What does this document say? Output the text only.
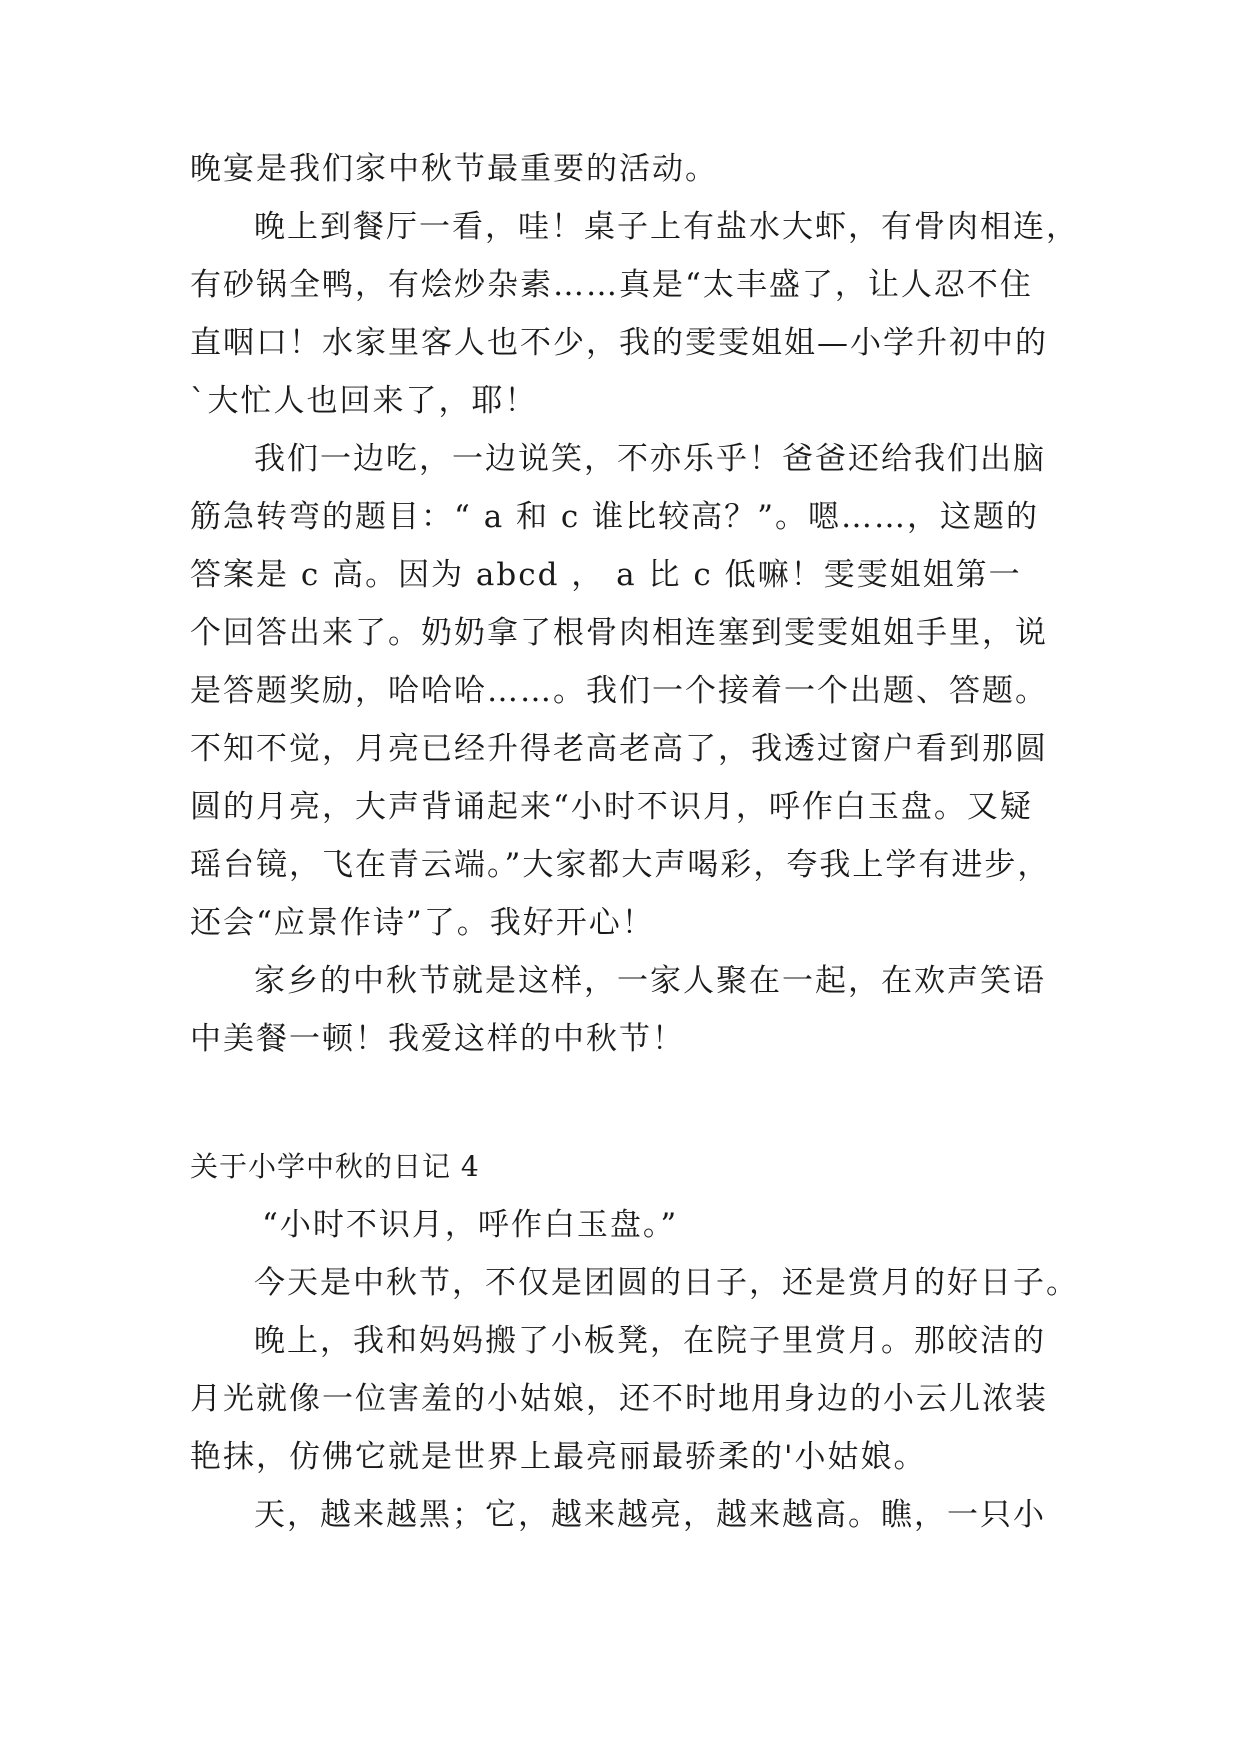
晚宴是我们家中秋节最重要的活动。
晚上到餐厅一看，哇！桌子上有盐水大虾，有骨肉相连，
有砂锅全鸭，有烩炒杂素……真是“太丰盛了，让人忍不住
直咽口！水家里客人也不少，我的雯雯姐姐—小学升初中的
`大忙人也回来了，耶！
我们一边吃，一边说笑，不亦乐乎！爸爸还给我们出脑
筋急转弯的题目：“ a 和 c 谁比较高？”。嗯……，这题的
答案是 c 高。因为 abcd ， a 比 c 低嘛！雯雯姐姐第一
个回答出来了。奶奶拿了根骨肉相连塞到雯雯姐姐手里，说
是答题奖励，哈哈哈……。我们一个接着一个出题、答题。
不知不觉，月亮已经升得老高老高了，我透过窗户看到那圆
圆的月亮，大声背诵起来“小时不识月，呼作白玉盘。又疑
瑶台镜，飞在青云端。”大家都大声喝彩，夸我上学有进步，
还会“应景作诗”了。我好开心！
家乡的中秋节就是这样，一家人聚在一起，在欢声笑语
中美餐一顿！我爱这样的中秋节！
关于小学中秋的日记 4
“小时不识月，呼作白玉盘。”
今天是中秋节，不仅是团圆的日子，还是赏月的好日子。
晚上，我和妈妈搬了小板凳，在院子里赏月。那皎洁的
月光就像一位害羞的小姑娘，还不时地用身边的小云儿浓装
艳抹，仿佛它就是世界上最亮丽最骄柔的'小姑娘。
天，越来越黑；它，越来越亮，越来越高。瞧，一只小
